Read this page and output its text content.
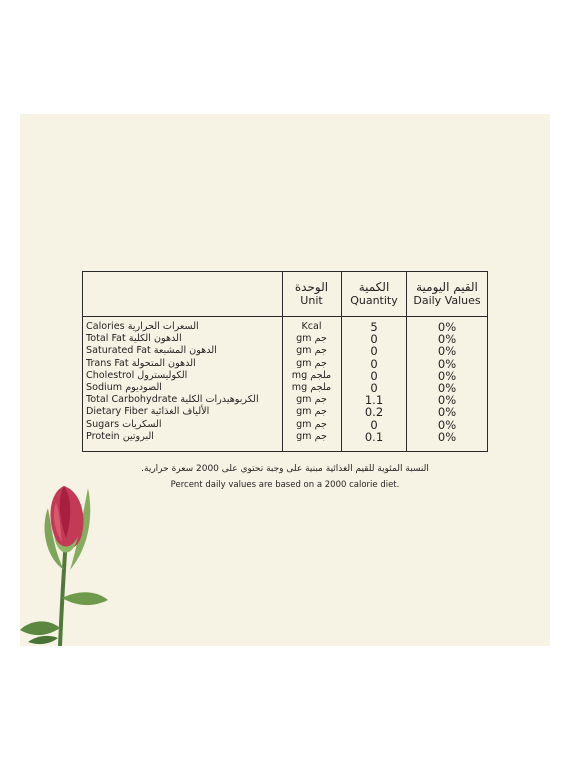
الوحدة
Unit
الكمية
Quantity
القيم اليومية
Daily Values
Calories السعرات الحرارية
Total Fat الدهون الكلية
Saturated Fat الدهون المشبعة
Trans Fat الدهون المتحولة
Cholestrol الكوليسترول
Sodium الصوديوم
Total Carbohydrate الكربوهيدرات الكلية
Dietary Fiber الألياف الغذائية
Sugars السكريات
Protein البروتين
Kcal
gm جم
gm جم
gm جم
mg ملجم
mg ملجم
gm جم
gm جم
gm جم
gm جم
5
0
0
0
0
0
1.1
0.2
0
0.1
0%
0%
0%
0%
0%
0%
0%
0%
0%
0%
النسبة المئوية للقيم الغذائية مبنية على وجبة تحتوي على 2000 سعرة حرارية.
Percent daily values are based on a 2000 calorie diet.
